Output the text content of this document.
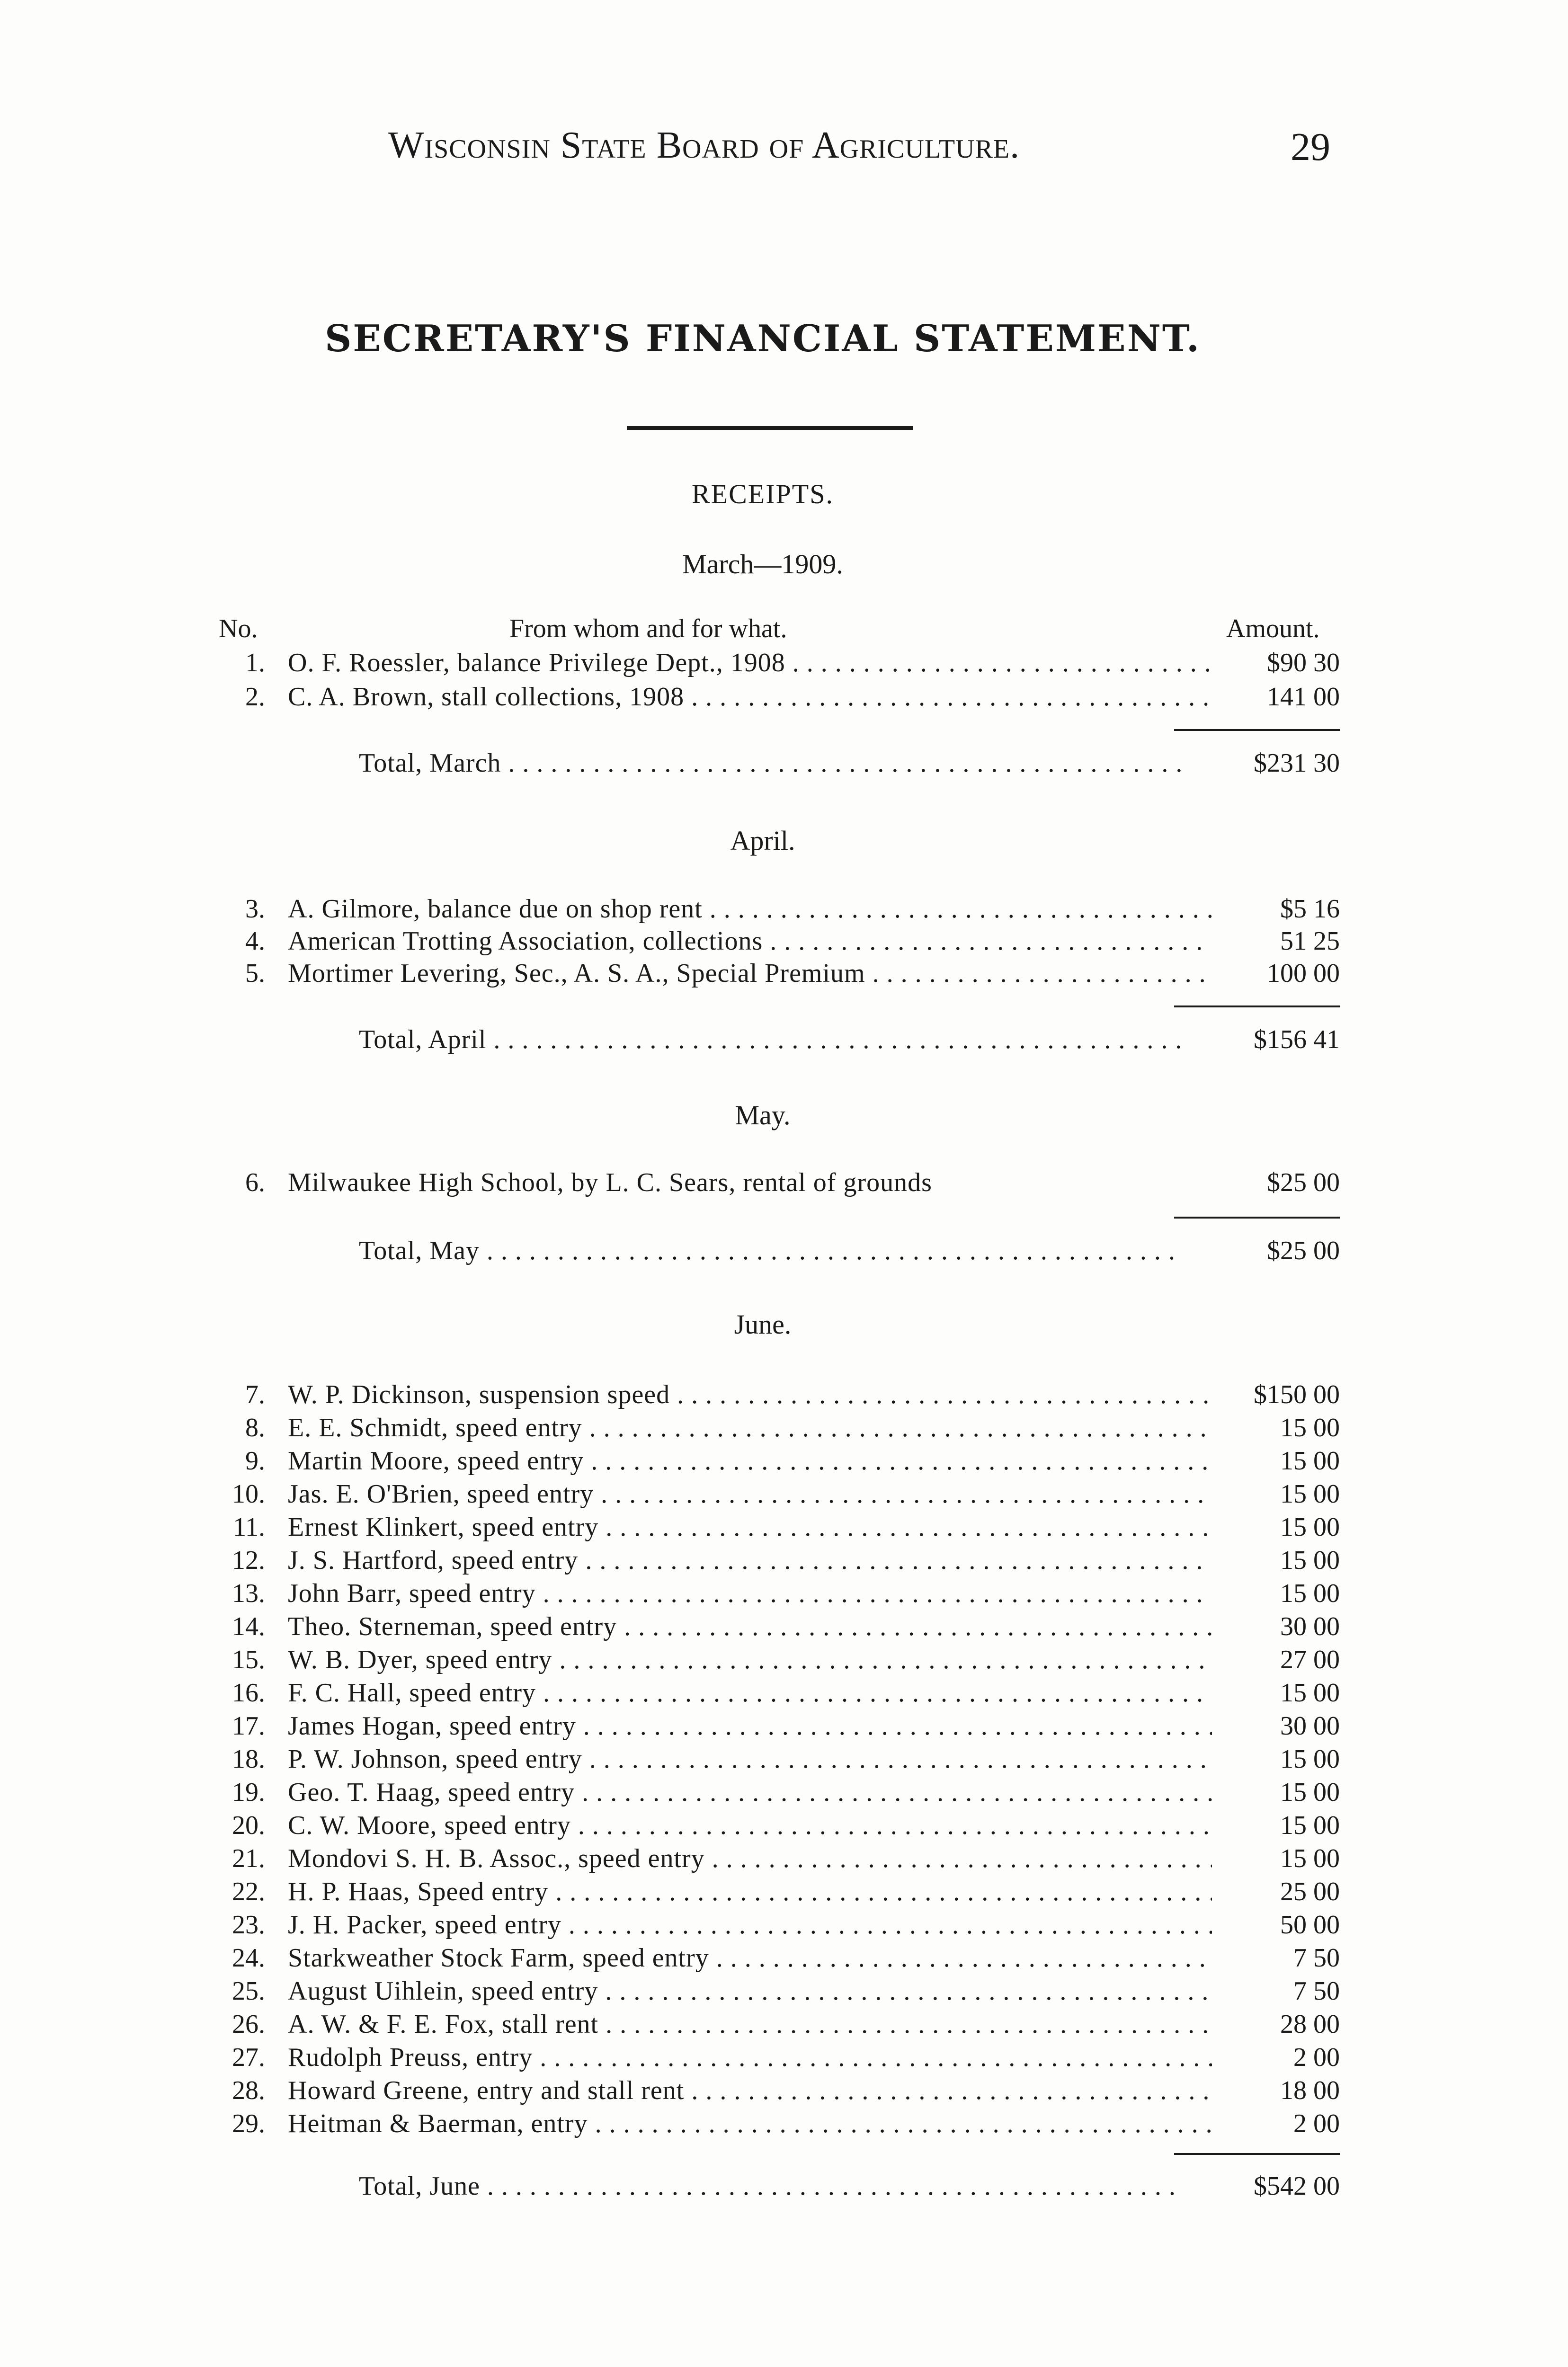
Wisconsin State Board of Agriculture.	29
SECRETARY'S FINANCIAL STATEMENT.
RECEIPTS.
March—1909.
No.	From whom and for what.	Amount.
1. O. F. Roessler, balance Privilege Dept., 1908 . . .	$90 30
2. C. A. Brown, stall collections, 1908 . . .	141 00
Total, March . . .	$231 30
April.
3. A. Gilmore, balance due on shop rent . . .	$5 16
4. American Trotting Association, collections . . .	51 25
5. Mortimer Levering, Sec., A. S. A., Special Premium . . .	100 00
Total, April . . .	$156 41
May.
6. Milwaukee High School, by L. C. Sears, rental of grounds	$25 00
Total, May . . .	$25 00
June.
7. W. P. Dickinson, suspension speed . . .	$150 00
8. E. E. Schmidt, speed entry . . .	15 00
9. Martin Moore, speed entry . . .	15 00
10. Jas. E. O'Brien, speed entry . . .	15 00
11. Ernest Klinkert, speed entry . . .	15 00
12. J. S. Hartford, speed entry . . .	15 00
13. John Barr, speed entry . . .	15 00
14. Theo. Sterneman, speed entry . . .	30 00
15. W. B. Dyer, speed entry . . .	27 00
16. F. C. Hall, speed entry . . .	15 00
17. James Hogan, speed entry . . .	30 00
18. P. W. Johnson, speed entry . . .	15 00
19. Geo. T. Haag, speed entry . . .	15 00
20. C. W. Moore, speed entry . . .	15 00
21. Mondovi S. H. B. Assoc., speed entry . . .	15 00
22. H. P. Haas, Speed entry . . .	25 00
23. J. H. Packer, speed entry . . .	50 00
24. Starkweather Stock Farm, speed entry . . .	7 50
25. August Uihlein, speed entry . . .	7 50
26. A. W. & F. E. Fox, stall rent . . .	28 00
27. Rudolph Preuss, entry . . .	2 00
28. Howard Greene, entry and stall rent . . .	18 00
29. Heitman & Baerman, entry . . .	2 00
Total, June . . .	$542 00
